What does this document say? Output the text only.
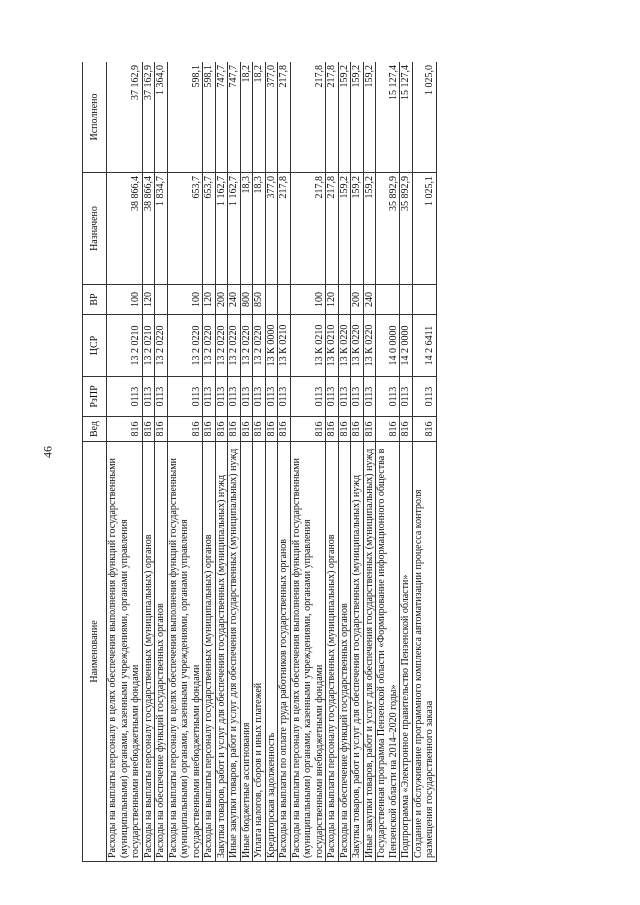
46
Наименование	Вед	РзПР	ЦСР	ВР	Назначено	Исполнено
Расходы на выплаты персоналу в целях обеспечения выполнения функций государственными (муниципальными) органами, казенными учреждениями, органами управления государственными внебюджетными фондами	816	0113	13 2 0210	100	38 866,4	37 162,9
Расходы на выплаты персоналу государственных (муниципальных) органов	816	0113	13 2 0210	120	38 866,4	37 162,9
Расходы на обеспечение функций государственных органов	816	0113	13 2 0220		1 834,7	1 364,0
Расходы на выплаты персоналу в целях обеспечения выполнения функций государственными (муниципальными) органами, казенными учреждениями, органами управления государственными внебюджетными фондами	816	0113	13 2 0220	100	653,7	598,1
Расходы на выплаты персоналу государственных (муниципальных) органов	816	0113	13 2 0220	120	653,7	598,1
Закупка товаров, работ и услуг для обеспечения государственных (муниципальных) нужд	816	0113	13 2 0220	200	1 162,7	747,7
Иные закупки товаров, работ и услуг для обеспечения государственных (муниципальных) нужд	816	0113	13 2 0220	240	1 162,7	747,7
Иные бюджетные ассигнования	816	0113	13 2 0220	800	18,3	18,2
Уплата налогов, сборов и иных платежей	816	0113	13 2 0220	850	18,3	18,2
Кредиторская задолженность	816	0113	13 К 0000		377,0	377,0
Расходы на выплаты по оплате труда работников государственных органов	816	0113	13 К 0210		217,8	217,8
Расходы на выплаты персоналу в целях обеспечения выполнения функций государственными (муниципальными) органами, казенными учреждениями, органами управления государственными внебюджетными фондами	816	0113	13 К 0210	100	217,8	217,8
Расходы на выплаты персоналу государственных (муниципальных) органов	816	0113	13 К 0210	120	217,8	217,8
Расходы на обеспечение функций государственных органов	816	0113	13 К 0220		159,2	159,2
Закупка товаров, работ и услуг для обеспечения государственных (муниципальных) нужд	816	0113	13 К 0220	200	159,2	159,2
Иные закупки товаров, работ и услуг для обеспечения государственных (муниципальных) нужд	816	0113	13 К 0220	240	159,2	159,2
Государственная программа Пензенской области «Формирование информационного общества в Пензенской области на 2014–2020 годы»	816	0113	14 0 0000		35 892,9	15 127,4
Подпрограмма «Электронное правительство Пензенской области»	816	0113	14 2 0000		35 892,9	15 127,4
Создание и обслуживание программного комплекса автоматизации процесса контроля размещения государственного заказа	816	0113	14 2 6411		1 025,1	1 025,0
